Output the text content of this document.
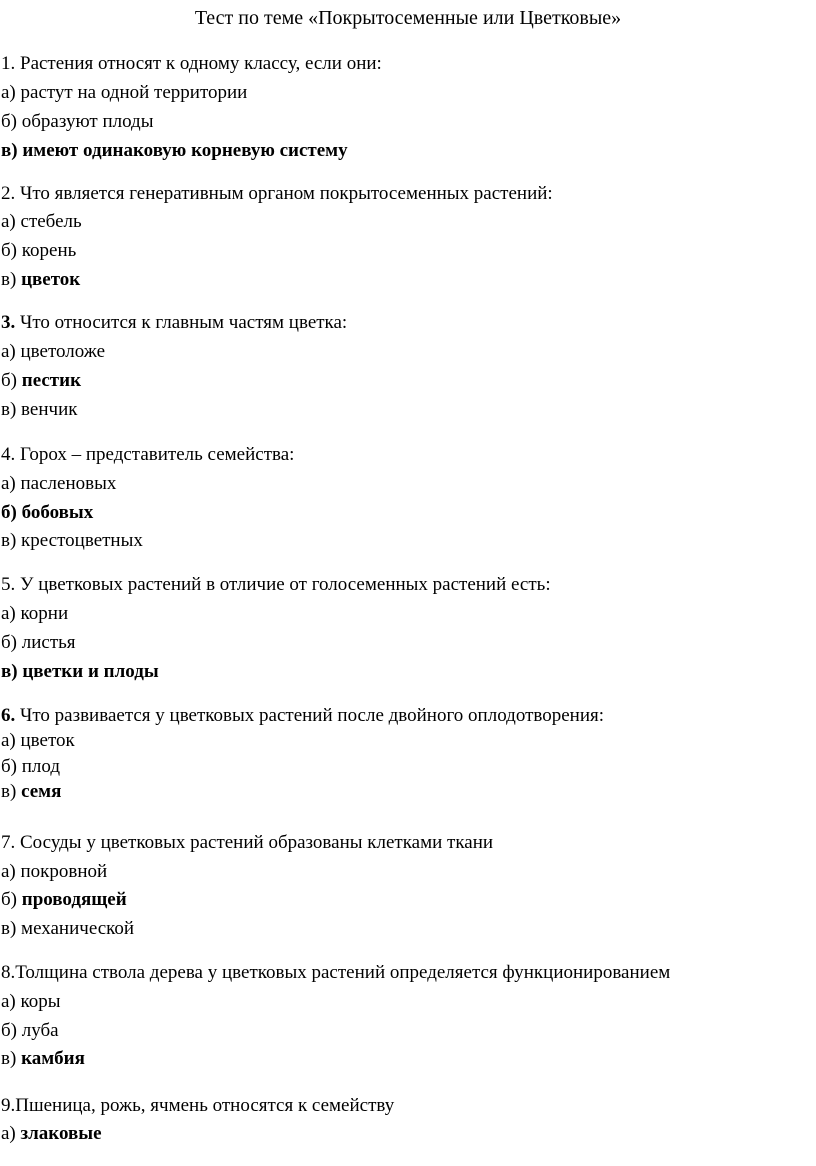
Тест по теме «Покрытосеменные или Цветковые»
1. Растения относят к одному классу, если они:
а) растут на одной территории
б) образуют плоды
в) имеют одинаковую корневую систему
2. Что является генеративным органом покрытосеменных растений:
а) стебель
б) корень
в) цветок
3. Что относится к главным частям цветка:
а) цветоложе
б) пестик
в) венчик
4. Горох – представитель семейства:
а) пасленовых
б) бобовых
в) крестоцветных
5. У цветковых растений в отличие от голосеменных растений есть:
а) корни
б) листья
в) цветки и плоды
6. Что развивается у цветковых растений после двойного оплодотворения:
а) цветок
б) плод
в) семя
7. Сосуды у цветковых растений образованы клетками ткани
а) покровной
б) проводящей
в) механической
8.Толщина ствола дерева у цветковых растений определяется функционированием
а) коры
б) луба
в) камбия
9.Пшеница, рожь, ячмень относятся к семейству
а) злаковые
